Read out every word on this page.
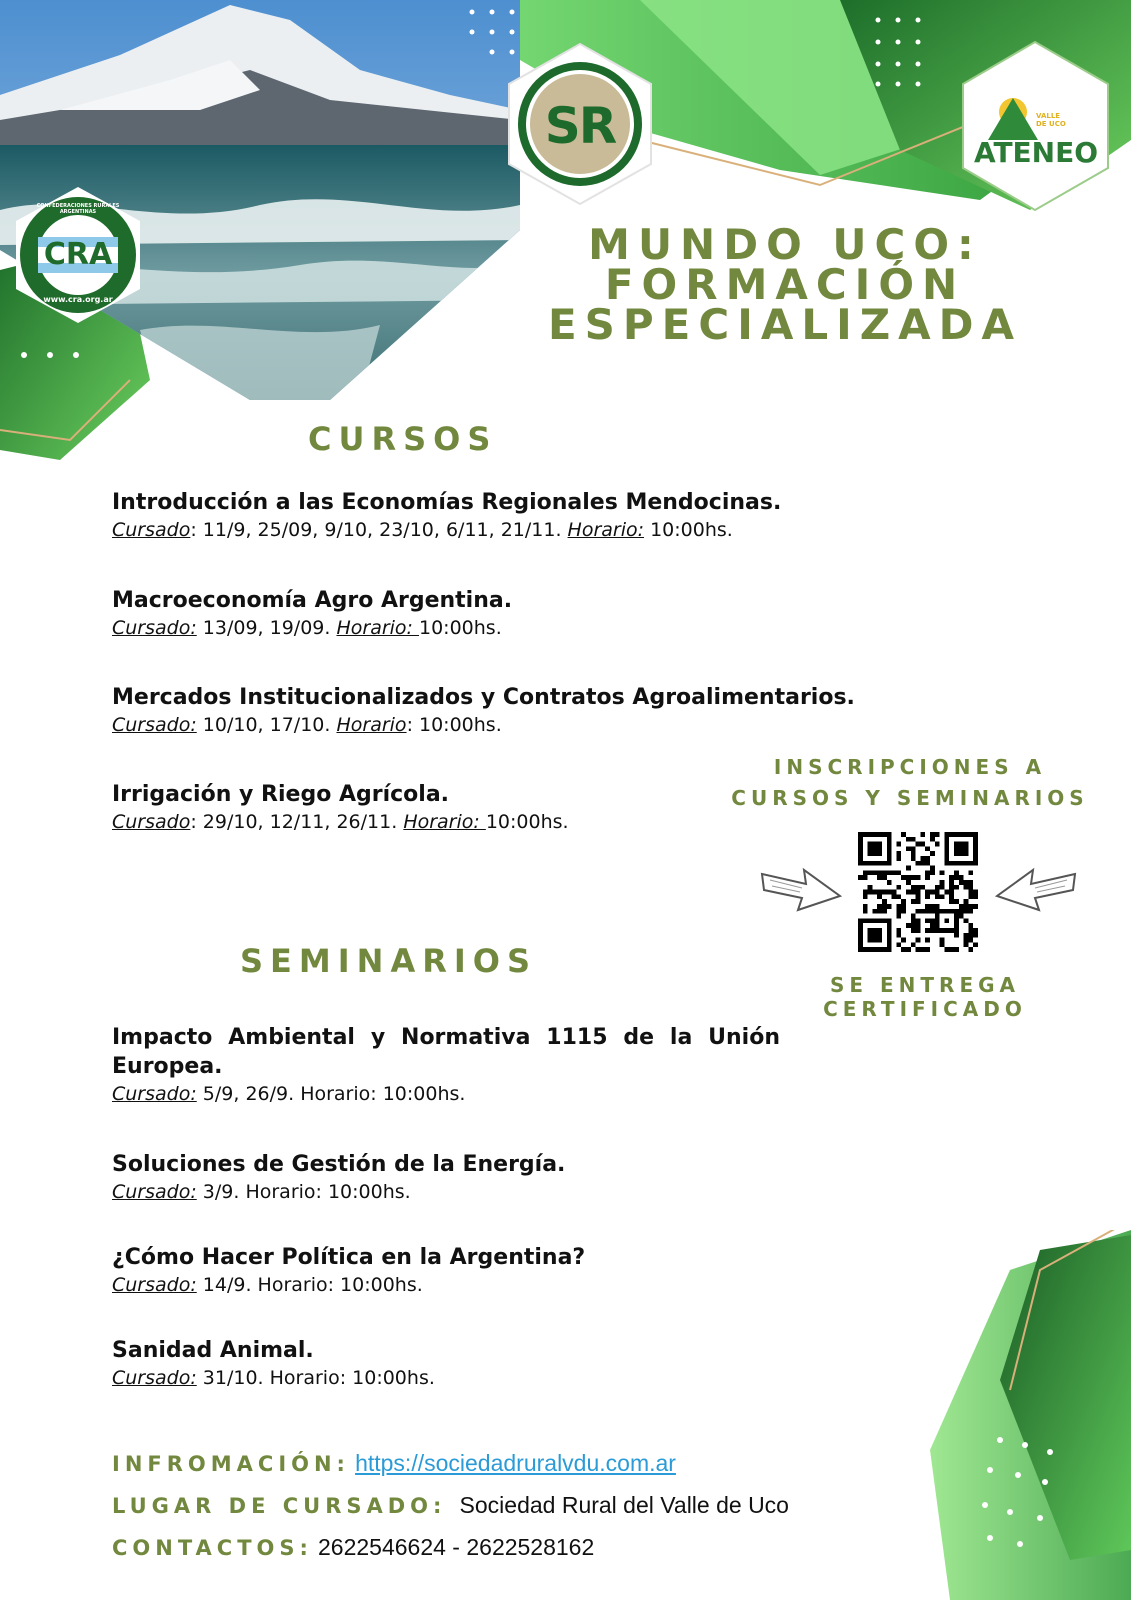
CRA
CONFEDERACIONES RURALES ARGENTINAS
www.cra.org.ar
SR	VALLE DE UCO
ATENEO
MUNDO UCO:
FORMACIÓN
ESPECIALIZADA
CURSOS

Introducción a las Economías Regionales Mendocinas.

Cursado: 11/9, 25/09, 9/10, 23/10, 6/11, 21/11. Horario: 10:00hs.

Macroeconomía Agro Argentina.

Cursado: 13/09, 19/09. Horario: 10:00hs.

Mercados Institucionalizados y Contratos Agroalimentarios.

Cursado: 10/10, 17/10. Horario: 10:00hs.

Irrigación y Riego Agrícola.

Cursado: 29/10, 12/11, 26/11. Horario: 10:00hs.

INSCRIPCIONES A
CURSOS Y SEMINARIOS
SE ENTREGA CERTIFICADO
SEMINARIOS

Impacto Ambiental y Normativa 1115 de la Unión

Europea.

Cursado: 5/9, 26/9. Horario: 10:00hs.

Soluciones de Gestión de la Energía.

Cursado: 3/9. Horario: 10:00hs.

¿Cómo Hacer Política en la Argentina?

Cursado: 14/9. Horario: 10:00hs.

Sanidad Animal.

Cursado: 31/10. Horario: 10:00hs.

INFROMACIÓN: https://sociedadruralvdu.com.ar
LUGAR DE CURSADO: Sociedad Rural del Valle de Uco
CONTACTOS: 2622546624 - 2622528162
